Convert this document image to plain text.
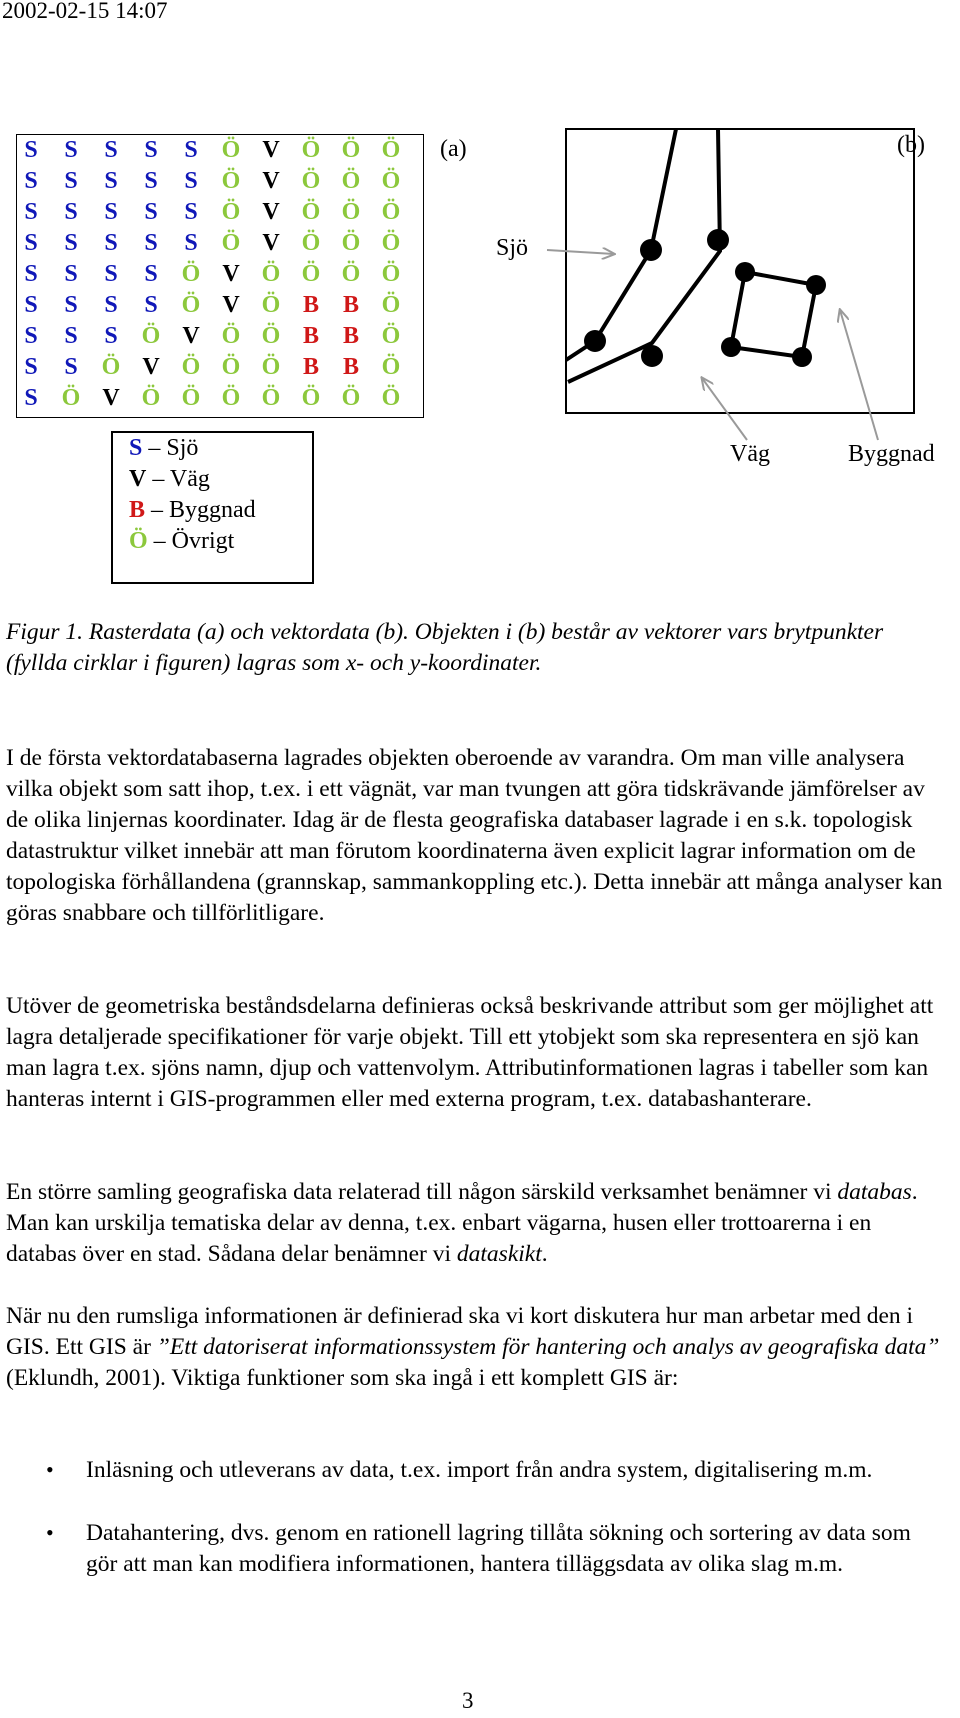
2002-02-15 14:07
S	S	S	S	S Ö V Ö Ö Ö
S	S	S	S	S Ö V Ö Ö Ö
S	S	S	S	S Ö V Ö Ö Ö
S	S	S	S	S Ö V Ö Ö Ö
S	S	S	S Ö V Ö Ö Ö Ö
S	S	S	S Ö V Ö B B Ö
S	S	S Ö V Ö Ö B B Ö
S	S Ö V Ö Ö Ö B B Ö
S Ö V Ö Ö Ö Ö Ö Ö Ö
(a)
S – Sjö
V – Väg
B – Byggnad
Ö – Övrigt
(b)
Sjö
Väg	Byggnad
Figur 1. Rasterdata (a) och vektordata (b). Objekten i (b) består av vektorer vars brytpunkter (fyllda cirklar i figuren) lagras som x- och y-koordinater.
I de första vektordatabaserna lagrades objekten oberoende av varandra. Om man ville analysera vilka objekt som satt ihop, t.ex. i ett vägnät, var man tvungen att göra tidskrävande jämförelser av de olika linjernas koordinater. Idag är de flesta geografiska databaser lagrade i en s.k. topologisk datastruktur vilket innebär att man förutom koordinaterna även explicit lagrar information om de topologiska förhållandena (grannskap, sammankoppling etc.). Detta innebär att många analyser kan göras snabbare och tillförlitligare.
Utöver de geometriska beståndsdelarna definieras också beskrivande attribut som ger möjlighet att lagra detaljerade specifikationer för varje objekt. Till ett ytobjekt som ska representera en sjö kan man lagra t.ex. sjöns namn, djup och vattenvolym. Attributinformationen lagras i tabeller som kan hanteras internt i GIS-programmen eller med externa program, t.ex. databashanterare.
En större samling geografiska data relaterad till någon särskild verksamhet benämner vi databas. Man kan urskilja tematiska delar av denna, t.ex. enbart vägarna, husen eller trottoarerna i en databas över en stad. Sådana delar benämner vi dataskikt.
När nu den rumsliga informationen är definierad ska vi kort diskutera hur man arbetar med den i GIS. Ett GIS är ”Ett datoriserat informationssystem för hantering och analys av geografiska data” (Eklundh, 2001). Viktiga funktioner som ska ingå i ett komplett GIS är:
• Inläsning och utleverans av data, t.ex. import från andra system, digitalisering m.m.
• Datahantering, dvs. genom en rationell lagring tillåta sökning och sortering av data som gör att man kan modifiera informationen, hantera tilläggsdata av olika slag m.m.
3
